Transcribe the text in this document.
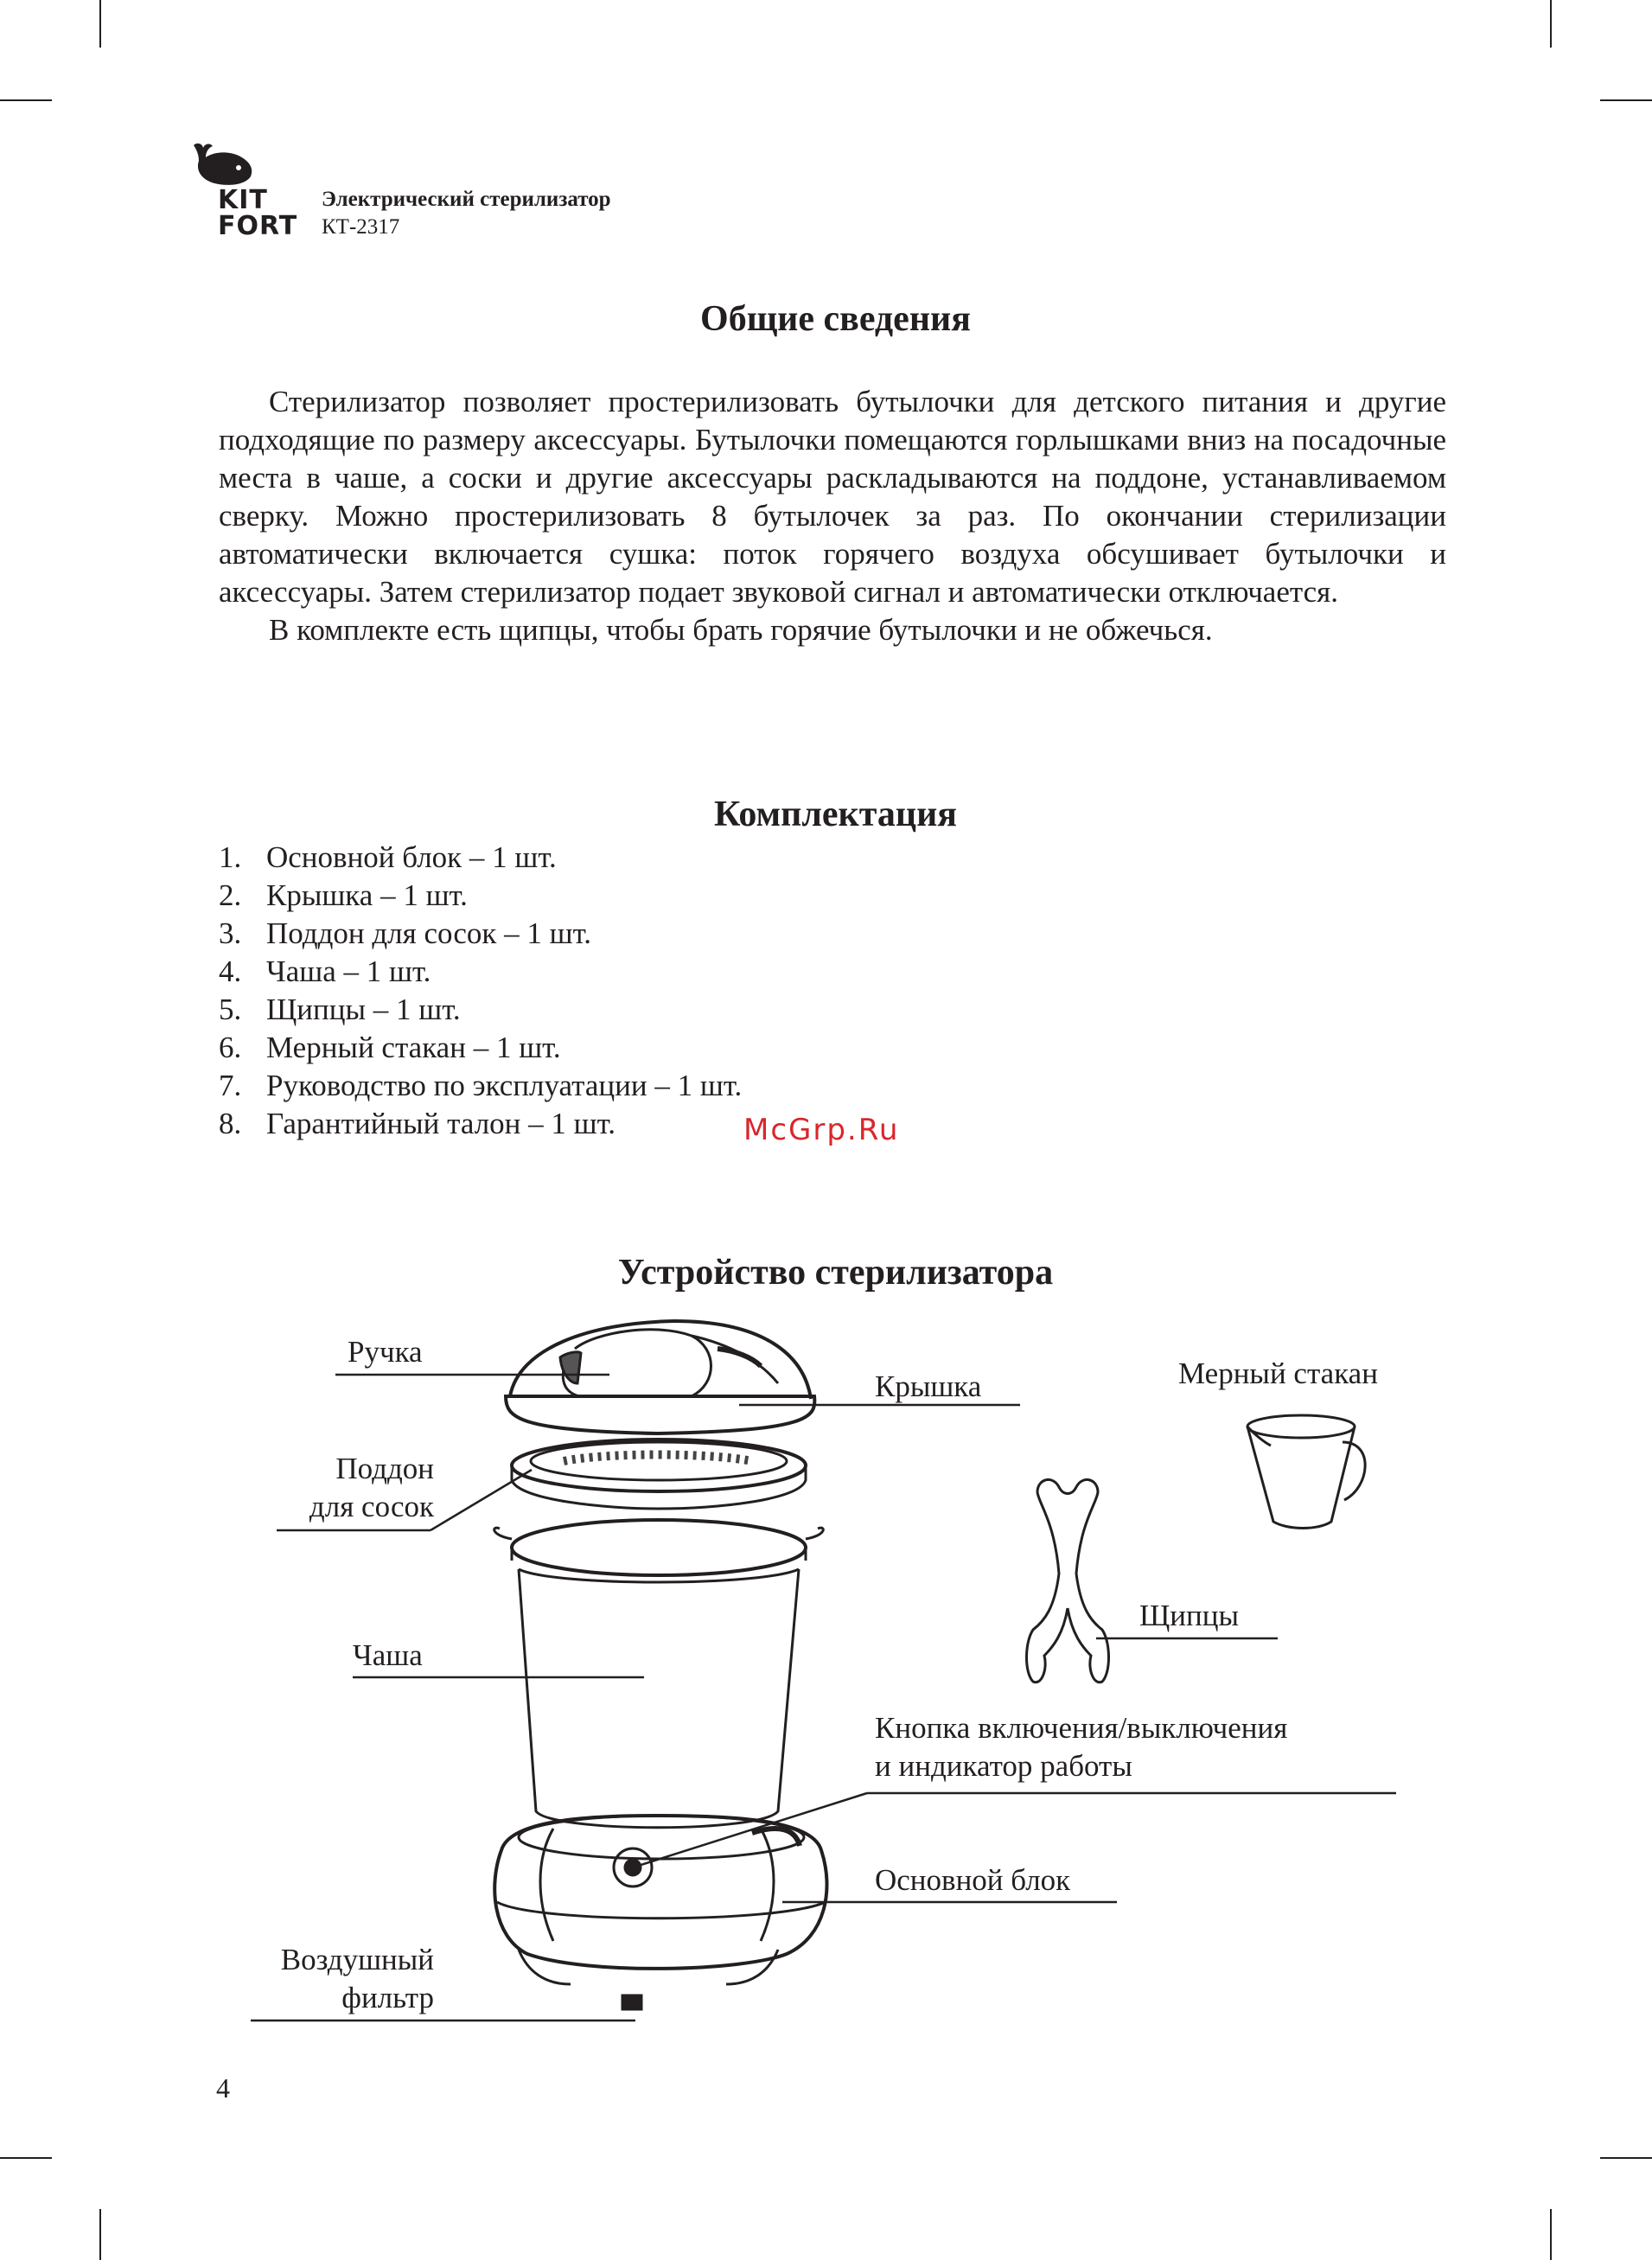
KIT
FORT
Электрический стерилизатор
КТ-2317
Общие сведения

Стерилизатор позволяет простерилизовать бутылочки для детского питания и другие подходящие по размеру аксессуары. Бутылочки помещаются горлышками вниз на посадочные места в чаше, а соски и другие аксессуары раскладываются на поддоне, устанавливаемом сверку. Можно простерилизовать 8 бутылочек за раз. По окончании стерилизации автоматически включается сушка: поток горячего воздуха обсушивает бутылочки и аксессуары. Затем стерилизатор подает звуковой сигнал и автоматически отключается.

В комплекте есть щипцы, чтобы брать горячие бутылочки и не обжечься.

Комплектация
1. Основной блок – 1 шт.
2. Крышка – 1 шт.
3. Поддон для сосок – 1 шт.
4. Чаша – 1 шт.
5. Щипцы – 1 шт.
6. Мерный стакан – 1 шт.
7. Руководство по эксплуатации – 1 шт.
8. Гарантийный талон – 1 шт.	McGrp.Ru
Устройство стерилизатора
Ручка
Крышка	Мерный стакан
Поддон
для сосок
Чаша
Щипцы
Кнопка включения/выключения
и индикатор работы
Основной блок
Воздушный
фильтр
4
